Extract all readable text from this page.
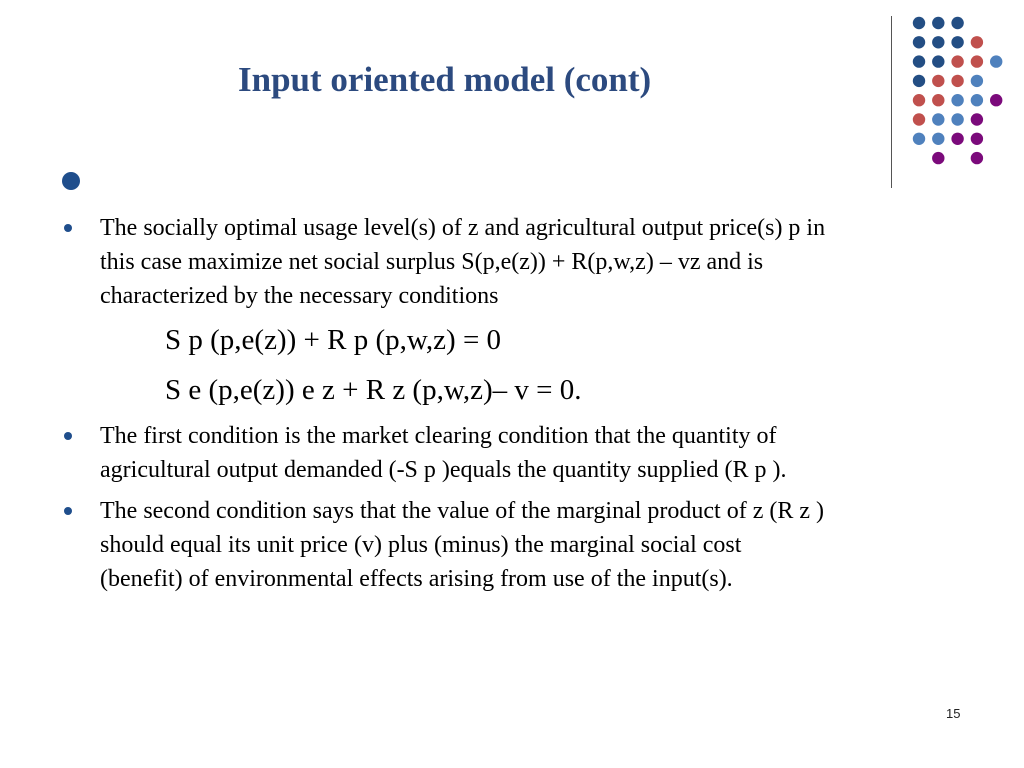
Input oriented model (cont)
The socially optimal usage level(s) of z and agricultural output price(s) p in
this case maximize net social surplus S(p,e(z)) + R(p,w,z) – vz and is
characterized by the necessary conditions
S p (p,e(z)) + R p (p,w,z) = 0
S e (p,e(z)) e z + R z (p,w,z)– v = 0.
The first condition is the market clearing condition that the quantity of
agricultural output demanded (-S p )equals the quantity supplied (R p ).
The second condition says that the value of the marginal product of z (R z )
should equal its unit price (v) plus (minus) the marginal social cost
(benefit) of environmental effects arising from use of the input(s).
15
